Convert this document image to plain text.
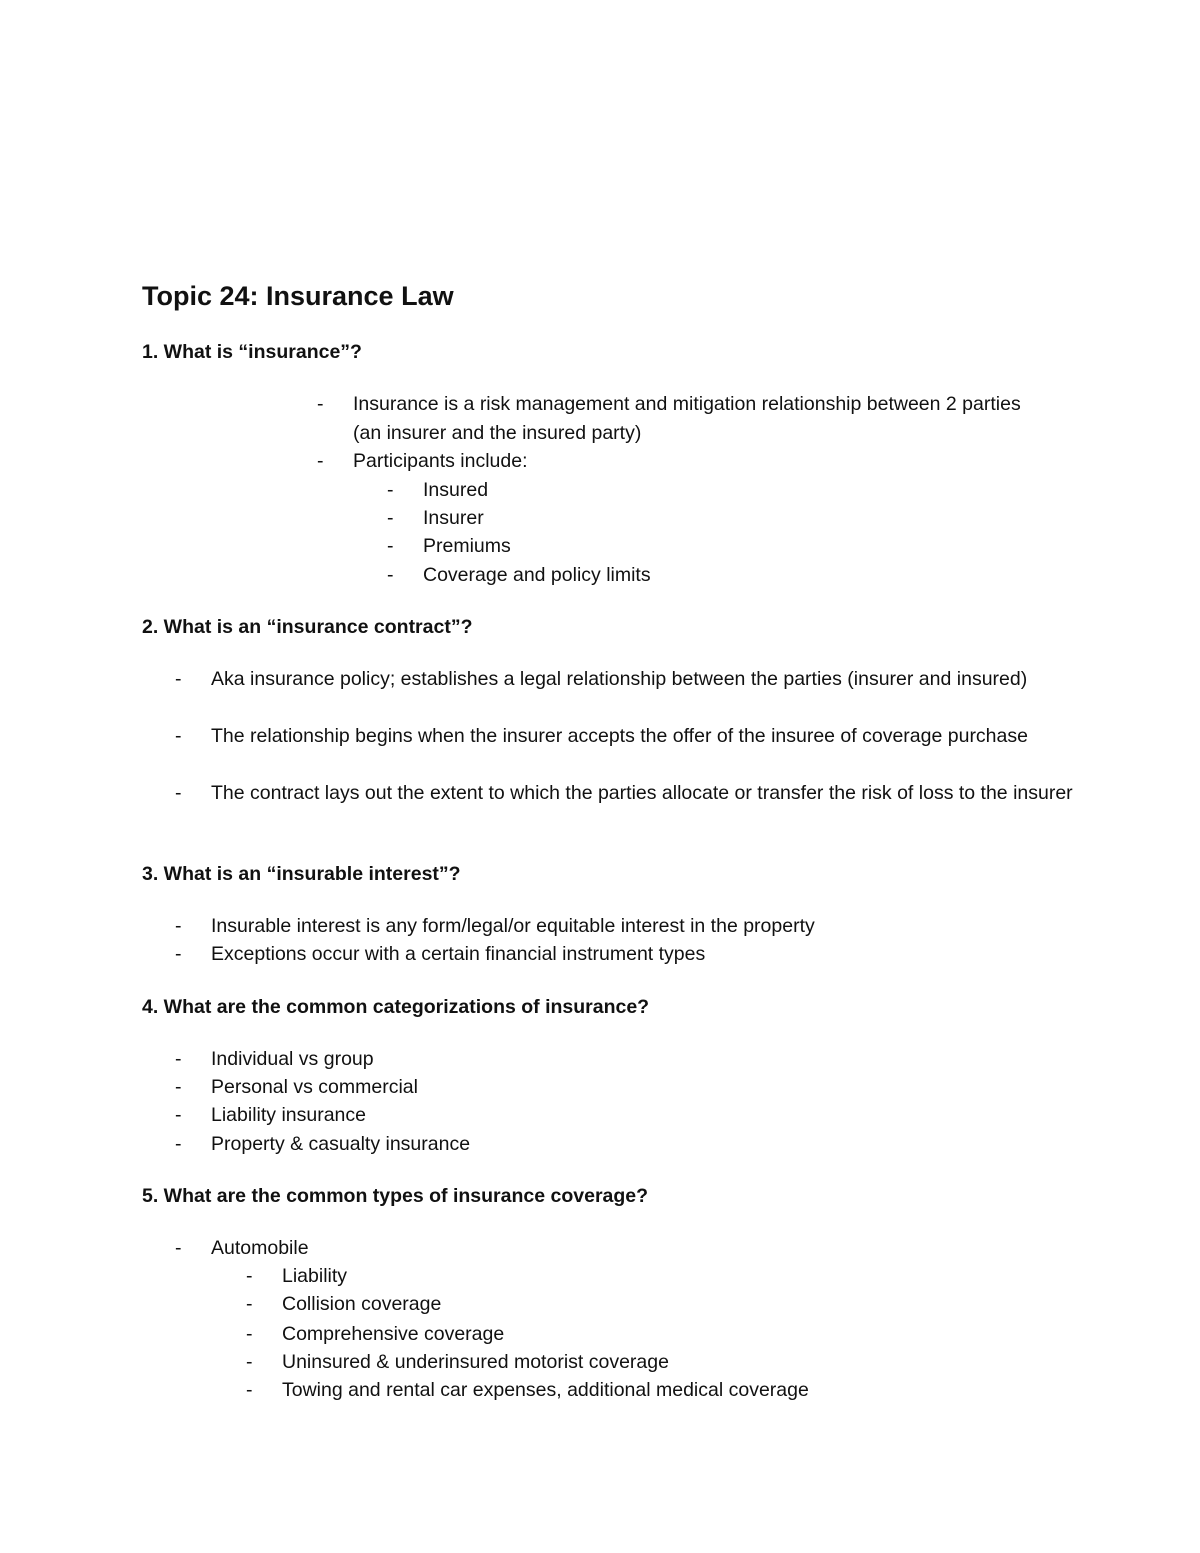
Topic 24: Insurance Law
1. What is “insurance”?
- Insurance is a risk management and mitigation relationship between 2 parties (an insurer and the insured party)
- Participants include:
- Insured
- Insurer
- Premiums
- Coverage and policy limits
2. What is an “insurance contract”?
- Aka insurance policy; establishes a legal relationship between the parties (insurer and insured)
- The relationship begins when the insurer accepts the offer of the insuree of coverage purchase
- The contract lays out the extent to which the parties allocate or transfer the risk of loss to the insurer
3. What is an “insurable interest”?
- Insurable interest is any form/legal/or equitable interest in the property
- Exceptions occur with a certain financial instrument types
4. What are the common categorizations of insurance?
- Individual vs group
- Personal vs commercial
- Liability insurance
- Property & casualty insurance
5. What are the common types of insurance coverage?
- Automobile
- Liability
- Collision coverage
- Comprehensive coverage
- Uninsured & underinsured motorist coverage
- Towing and rental car expenses, additional medical coverage
